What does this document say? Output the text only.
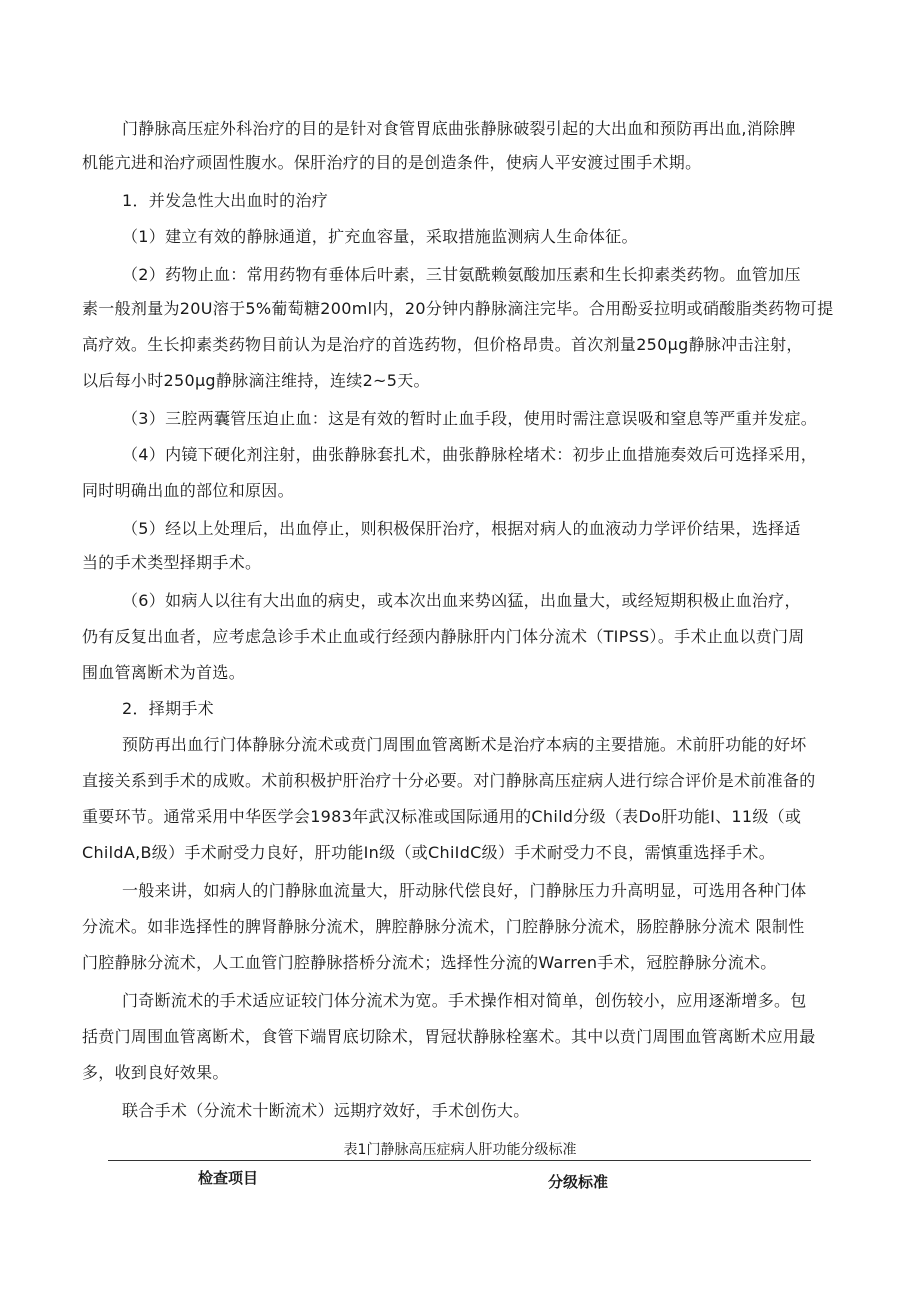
门静脉高压症外科治疗的目的是针对食管胃底曲张静脉破裂引起的大出血和预防再出血,消除脾
机能亢进和治疗顽固性腹水。保肝治疗的目的是创造条件，使病人平安渡过围手术期。
1．并发急性大出血时的治疗
（1）建立有效的静脉通道，扩充血容量，采取措施监测病人生命体征。
（2）药物止血：常用药物有垂体后叶素，三甘氨酰赖氨酸加压素和生长抑素类药物。血管加压
素一般剂量为20U溶于5%葡萄糖200ml内，20分钟内静脉滴注完毕。合用酚妥拉明或硝酸脂类药物可提
高疗效。生长抑素类药物目前认为是治疗的首选药物，但价格昂贵。首次剂量250μg静脉冲击注射，
以后每小时250μg静脉滴注维持，连续2~5天。
（3）三腔两囊管压迫止血：这是有效的暂时止血手段，使用时需注意误吸和窒息等严重并发症。
（4）内镜下硬化剂注射，曲张静脉套扎术，曲张静脉栓堵术：初步止血措施奏效后可选择采用，
同时明确出血的部位和原因。
（5）经以上处理后，出血停止，则积极保肝治疗，根据对病人的血液动力学评价结果，选择适
当的手术类型择期手术。
（6）如病人以往有大出血的病史，或本次出血来势凶猛，出血量大，或经短期积极止血治疗，
仍有反复出血者，应考虑急诊手术止血或行经颈内静脉肝内门体分流术（TIPSS）。手术止血以贲门周
围血管离断术为首选。
2．择期手术
预防再出血行门体静脉分流术或贲门周围血管离断术是治疗本病的主要措施。术前肝功能的好坏
直接关系到手术的成败。术前积极护肝治疗十分必要。对门静脉高压症病人进行综合评价是术前准备的
重要环节。通常采用中华医学会1983年武汉标准或国际通用的Child分级（表Do肝功能I、11级（或
ChildA,B级）手术耐受力良好，肝功能In级（或ChiIdC级）手术耐受力不良，需慎重选择手术。
一般来讲，如病人的门静脉血流量大，肝动脉代偿良好，门静脉压力升高明显，可选用各种门体
分流术。如非选择性的脾肾静脉分流术，脾腔静脉分流术，门腔静脉分流术，肠腔静脉分流术 限制性
门腔静脉分流术，人工血管门腔静脉搭桥分流术；选择性分流的Warren手术，冠腔静脉分流术。
门奇断流术的手术适应证较门体分流术为宽。手术操作相对简单，创伤较小，应用逐渐增多。包
括贲门周围血管离断术，食管下端胃底切除术，胃冠状静脉栓塞术。其中以贲门周围血管离断术应用最
多，收到良好效果。
联合手术（分流术十断流术）远期疗效好，手术创伤大。
表1门静脉高压症病人肝功能分级标准
检查项目	分级标准
